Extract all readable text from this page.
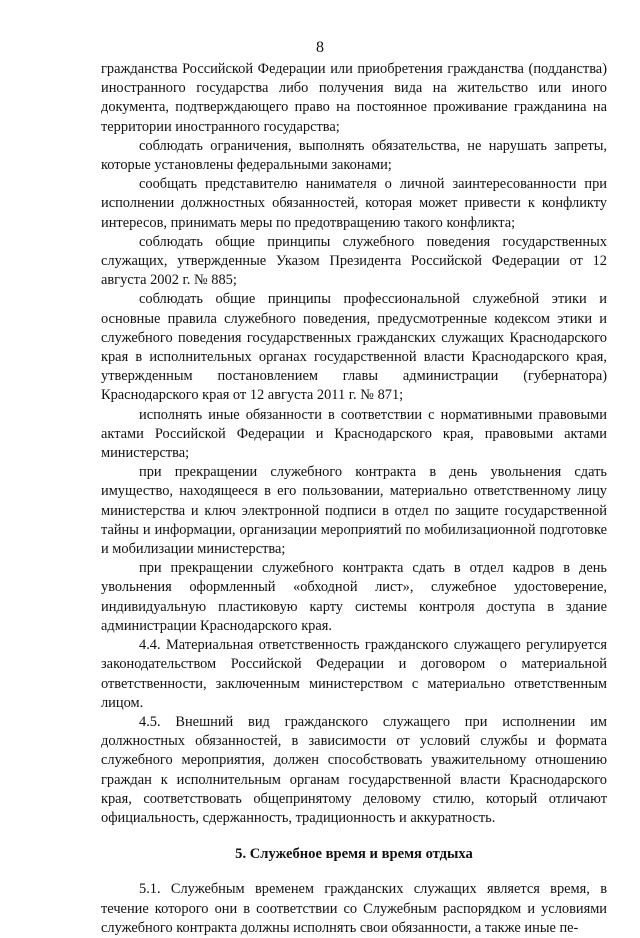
8

гражданства Российской Федерации или приобретения гражданства (подданства) иностранного государства либо получения вида на жительство или иного документа, подтверждающего право на постоянное проживание гражданина на территории иностранного государства;

соблюдать ограничения, выполнять обязательства, не нарушать запреты, которые установлены федеральными законами;

сообщать представителю нанимателя о личной заинтересованности при исполнении должностных обязанностей, которая может привести к конфликту интересов, принимать меры по предотвращению такого конфликта;

соблюдать общие принципы служебного поведения государственных служащих, утвержденные Указом Президента Российской Федерации от 12 августа 2002 г. № 885;

соблюдать общие принципы профессиональной служебной этики и основные правила служебного поведения, предусмотренные кодексом этики и служебного поведения государственных гражданских служащих Краснодарского края в исполнительных органах государственной власти Краснодарского края, утвержденным постановлением главы администрации (губернатора) Краснодарского края от 12 августа 2011 г. № 871;

исполнять иные обязанности в соответствии с нормативными правовыми актами Российской Федерации и Краснодарского края, правовыми актами министерства;

при прекращении служебного контракта в день увольнения сдать имущество, находящееся в его пользовании, материально ответственному лицу министерства и ключ электронной подписи в отдел по защите государственной тайны и информации, организации мероприятий по мобилизационной подготовке и мобилизации министерства;

при прекращении служебного контракта сдать в отдел кадров в день увольнения оформленный «обходной лист», служебное удостоверение, индивидуальную пластиковую карту системы контроля доступа в здание администрации Краснодарского края.

4.4. Материальная ответственность гражданского служащего регулируется законодательством Российской Федерации и договором о материальной ответственности, заключенным министерством с материально ответственным лицом.

4.5. Внешний вид гражданского служащего при исполнении им должностных обязанностей, в зависимости от условий службы и формата служебного мероприятия, должен способствовать уважительному отношению граждан к исполнительным органам государственной власти Краснодарского края, соответствовать общепринятому деловому стилю, который отличают официальность, сдержанность, традиционность и аккуратность.

5. Служебное время и время отдыха

5.1. Служебным временем гражданских служащих является время, в течение которого они в соответствии со Служебным распорядком и условиями служебного контракта должны исполнять свои обязанности, а также иные пе-
